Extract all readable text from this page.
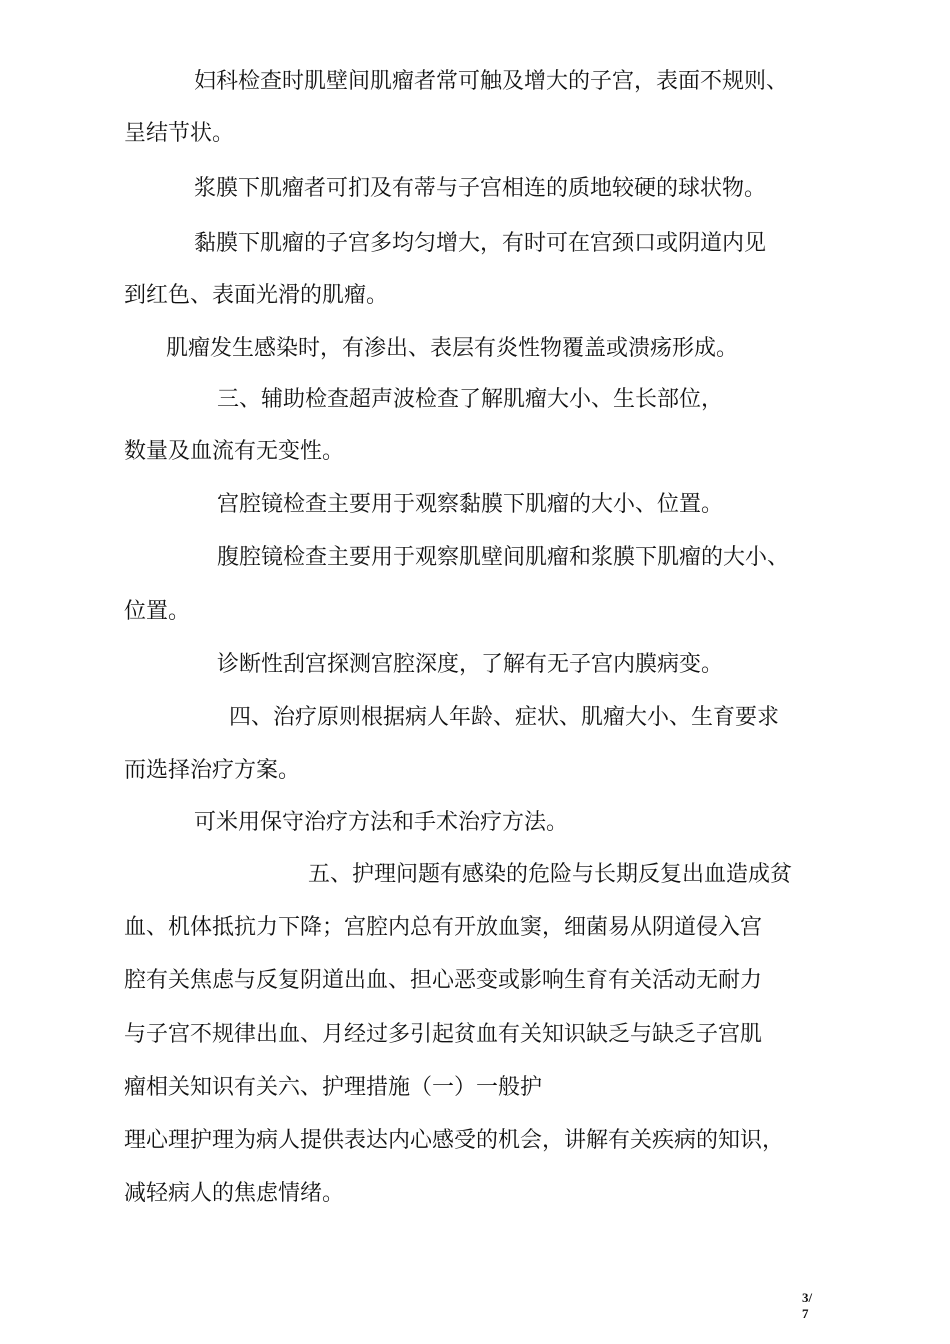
妇科检查时肌壁间肌瘤者常可触及增大的子宫，表面不规则、
呈结节状。
浆膜下肌瘤者可扪及有蒂与子宫相连的质地较硬的球状物。
黏膜下肌瘤的子宫多均匀增大，有时可在宫颈口或阴道内见
到红色、表面光滑的肌瘤。
肌瘤发生感染时，有渗出、表层有炎性物覆盖或溃疡形成。
三、辅助检查超声波检查了解肌瘤大小、生长部位，
数量及血流有无变性。
宫腔镜检查主要用于观察黏膜下肌瘤的大小、位置。
腹腔镜检查主要用于观察肌壁间肌瘤和浆膜下肌瘤的大小、
位置。
诊断性刮宫探测宫腔深度，了解有无子宫内膜病变。
四、治疗原则根据病人年龄、症状、肌瘤大小、生育要求
而选择治疗方案。
可米用保守治疗方法和手术治疗方法。
五、护理问题有感染的危险与长期反复出血造成贫
血、机体抵抗力下降；宫腔内总有开放血窦，细菌易从阴道侵入宫
腔有关焦虑与反复阴道出血、担心恶变或影响生育有关活动无耐力
与子宫不规律出血、月经过多引起贫血有关知识缺乏与缺乏子宫肌
瘤相关知识有关六、护理措施（一）一般护
理心理护理为病人提供表达内心感受的机会，讲解有关疾病的知识，
减轻病人的焦虑情绪。
3/
7
